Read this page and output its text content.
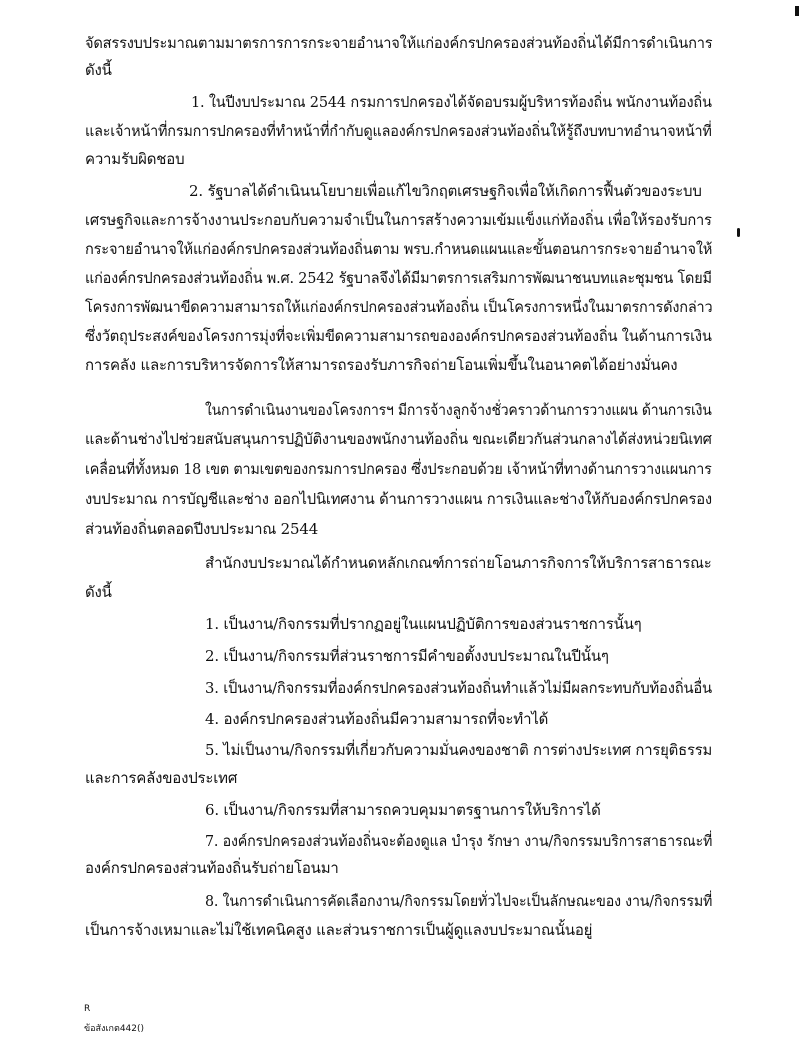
จัดสรรงบประมาณตามมาตรการการกระจายอำนาจให้แก่องค์กรปกครองส่วนท้องถิ่นได้มีการดำเนินการ
ดังนี้
1. ในปีงบประมาณ 2544 กรมการปกครองได้จัดอบรมผู้บริหารท้องถิ่น พนักงานท้องถิ่น
และเจ้าหน้าที่กรมการปกครองที่ทำหน้าที่กำกับดูแลองค์กรปกครองส่วนท้องถิ่นให้รู้ถึงบทบาทอำนาจหน้าที่
ความรับผิดชอบ
2. รัฐบาลได้ดำเนินนโยบายเพื่อแก้ไขวิกฤตเศรษฐกิจเพื่อให้เกิดการฟื้นตัวของระบบ
เศรษฐกิจและการจ้างงานประกอบกับความจำเป็นในการสร้างความเข้มแข็งแก่ท้องถิ่น เพื่อให้รองรับการ
กระจายอำนาจให้แก่องค์กรปกครองส่วนท้องถิ่นตาม พรบ.กำหนดแผนและขั้นตอนการกระจายอำนาจให้
แก่องค์กรปกครองส่วนท้องถิ่น พ.ศ. 2542 รัฐบาลจึงได้มีมาตรการเสริมการพัฒนาชนบทและชุมชน โดยมี
โครงการพัฒนาขีดความสามารถให้แก่องค์กรปกครองส่วนท้องถิ่น เป็นโครงการหนึ่งในมาตรการดังกล่าว
ซึ่งวัตถุประสงค์ของโครงการมุ่งที่จะเพิ่มขีดความสามารถขององค์กรปกครองส่วนท้องถิ่น ในด้านการเงิน
การคลัง และการบริหารจัดการให้สามารถรองรับภารกิจถ่ายโอนเพิ่มขึ้นในอนาคตได้อย่างมั่นคง
ในการดำเนินงานของโครงการฯ มีการจ้างลูกจ้างชั่วคราวด้านการวางแผน ด้านการเงิน
และด้านช่างไปช่วยสนับสนุนการปฏิบัติงานของพนักงานท้องถิ่น ขณะเดียวกันส่วนกลางได้ส่งหน่วยนิเทศ
เคลื่อนที่ทั้งหมด 18 เขต ตามเขตของกรมการปกครอง ซึ่งประกอบด้วย เจ้าหน้าที่ทางด้านการวางแผนการ
งบประมาณ การบัญชีและช่าง ออกไปนิเทศงาน ด้านการวางแผน การเงินและช่างให้กับองค์กรปกครอง
ส่วนท้องถิ่นตลอดปีงบประมาณ 2544
สำนักงบประมาณได้กำหนดหลักเกณฑ์การถ่ายโอนภารกิจการให้บริการสาธารณะ
ดังนี้
1. เป็นงาน/กิจกรรมที่ปรากฏอยู่ในแผนปฏิบัติการของส่วนราชการนั้นๆ
2. เป็นงาน/กิจกรรมที่ส่วนราชการมีคำขอตั้งงบประมาณในปีนั้นๆ
3. เป็นงาน/กิจกรรมที่องค์กรปกครองส่วนท้องถิ่นทำแล้วไม่มีผลกระทบกับท้องถิ่นอื่น
4. องค์กรปกครองส่วนท้องถิ่นมีความสามารถที่จะทำได้
5. ไม่เป็นงาน/กิจกรรมที่เกี่ยวกับความมั่นคงของชาติ การต่างประเทศ การยุติธรรม
และการคลังของประเทศ
6. เป็นงาน/กิจกรรมที่สามารถควบคุมมาตรฐานการให้บริการได้
7. องค์กรปกครองส่วนท้องถิ่นจะต้องดูแล บำรุง รักษา งาน/กิจกรรมบริการสาธารณะที่
องค์กรปกครองส่วนท้องถิ่นรับถ่ายโอนมา
8. ในการดำเนินการคัดเลือกงาน/กิจกรรมโดยทั่วไปจะเป็นลักษณะของ งาน/กิจกรรมที่
เป็นการจ้างเหมาและไม่ใช้เทคนิคสูง และส่วนราชการเป็นผู้ดูแลงบประมาณนั้นอยู่
R
ข้อสังเกต442()
